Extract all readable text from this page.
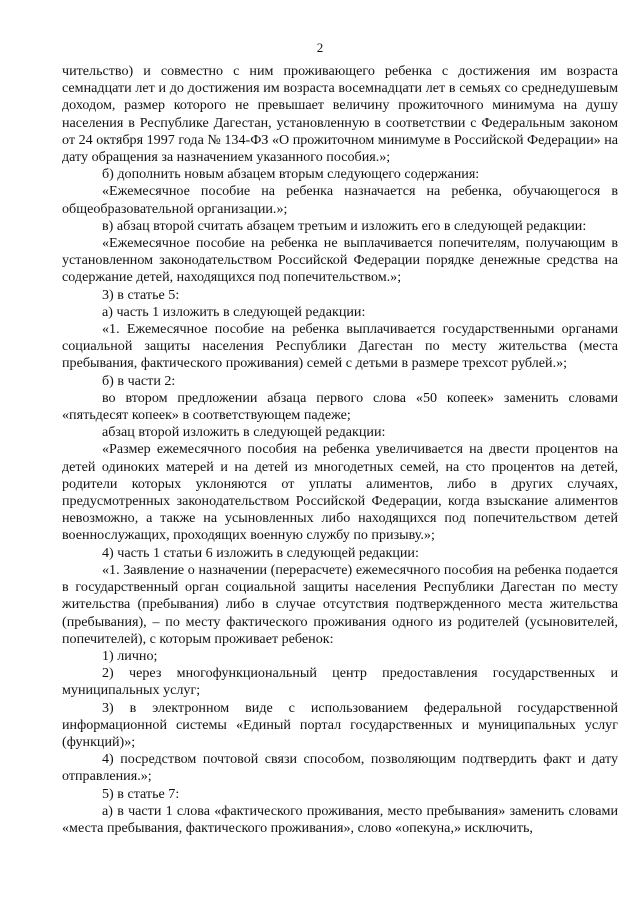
2

чительство) и совместно с ним проживающего ребенка с достижения им возраста семнадцати лет и до достижения им возраста восемнадцати лет в семьях со среднедушевым доходом, размер которого не превышает величину прожиточного минимума на душу населения в Республике Дагестан, установленную в соответствии с Федеральным законом от 24 октября 1997 года № 134-ФЗ «О прожиточном минимуме в Российской Федерации» на дату обращения за назначением указанного пособия.»;

б) дополнить новым абзацем вторым следующего содержания:

«Ежемесячное пособие на ребенка назначается на ребенка, обучающегося в общеобразовательной организации.»;

в) абзац второй считать абзацем третьим и изложить его в следующей редакции:

«Ежемесячное пособие на ребенка не выплачивается попечителям, получающим в установленном законодательством Российской Федерации порядке денежные средства на содержание детей, находящихся под попечительством.»;

3) в статье 5:

а) часть 1 изложить в следующей редакции:

«1. Ежемесячное пособие на ребенка выплачивается государственными органами социальной защиты населения Республики Дагестан по месту жительства (места пребывания, фактического проживания) семей с детьми в размере трехсот рублей.»;

б) в части 2:

во втором предложении абзаца первого слова «50 копеек» заменить словами «пятьдесят копеек» в соответствующем падеже;

абзац второй изложить в следующей редакции:

«Размер ежемесячного пособия на ребенка увеличивается на двести процентов на детей одиноких матерей и на детей из многодетных семей, на сто процентов на детей, родители которых уклоняются от уплаты алиментов, либо в других случаях, предусмотренных законодательством Российской Федерации, когда взыскание алиментов невозможно, а также на усыновленных либо находящихся под попечительством детей военнослужащих, проходящих военную службу по призыву.»;

4) часть 1 статьи 6 изложить в следующей редакции:

«1. Заявление о назначении (перерасчете) ежемесячного пособия на ребенка подается в государственный орган социальной защиты населения Республики Дагестан по месту жительства (пребывания) либо в случае отсутствия подтвержденного места жительства (пребывания), – по месту фактического проживания одного из родителей (усыновителей, попечителей), с которым проживает ребенок:

1) лично;

2) через многофункциональный центр предоставления государственных и муниципальных услуг;

3) в электронном виде с использованием федеральной государственной информационной системы «Единый портал государственных и муниципальных услуг (функций)»;

4) посредством почтовой связи способом, позволяющим подтвердить факт и дату отправления.»;

5) в статье 7:

а) в части 1 слова «фактического проживания, место пребывания» заменить словами «места пребывания, фактического проживания», слово «опекуна,» исключить,
